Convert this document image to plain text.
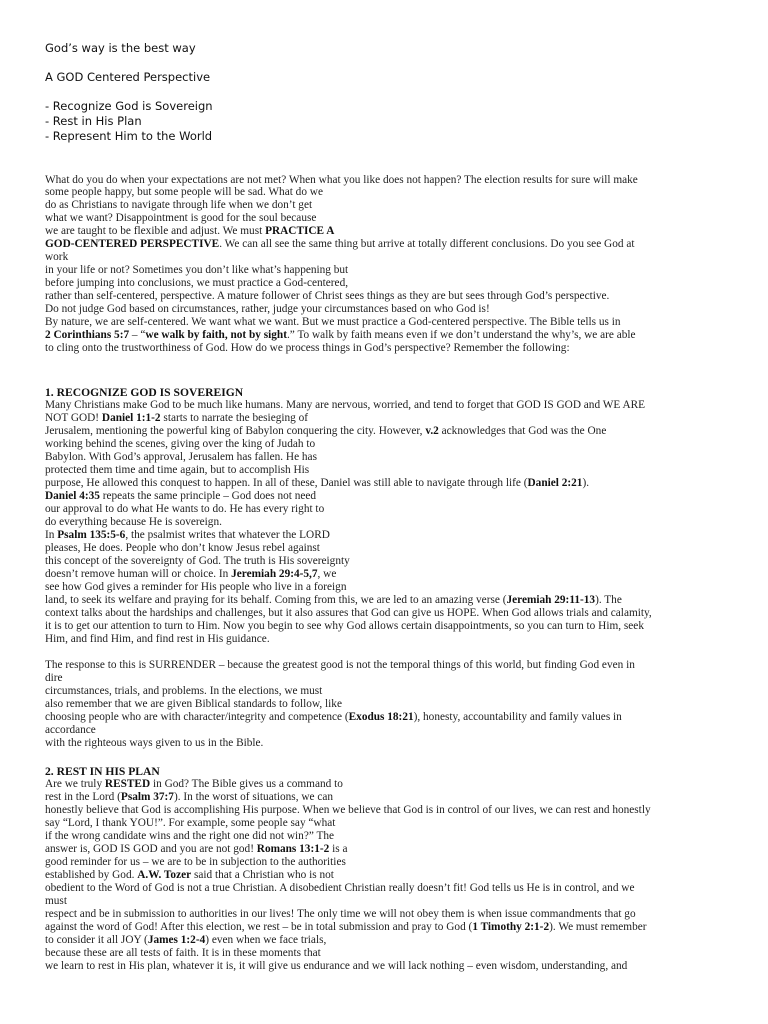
God’s way is the best way

A GOD Centered Perspective

- Recognize God is Sovereign

- Rest in His Plan

- Represent Him to the World

What do you do when your expectations are not met? When what you like does not happen? The election results for sure will make

some people happy, but some people will be sad. What do we

do as Christians to navigate through life when we don’t get

what we want? Disappointment is good for the soul because

we are taught to be flexible and adjust. We must PRACTICE A

GOD-CENTERED PERSPECTIVE. We can all see the same thing but arrive at totally different conclusions. Do you see God at

work

in your life or not? Sometimes you don’t like what’s happening but

before jumping into conclusions, we must practice a God-centered,

rather than self-centered, perspective. A mature follower of Christ sees things as they are but sees through God’s perspective.

Do not judge God based on circumstances, rather, judge your circumstances based on who God is!

By nature, we are self-centered. We want what we want. But we must practice a God-centered perspective. The Bible tells us in

2 Corinthians 5:7 – “we walk by faith, not by sight.” To walk by faith means even if we don’t understand the why’s, we are able

to cling onto the trustworthiness of God. How do we process things in God’s perspective? Remember the following:

1. RECOGNIZE GOD IS SOVEREIGN

Many Christians make God to be much like humans. Many are nervous, worried, and tend to forget that GOD IS GOD and WE ARE

NOT GOD! Daniel 1:1-2 starts to narrate the besieging of

Jerusalem, mentioning the powerful king of Babylon conquering the city. However, v.2 acknowledges that God was the One

working behind the scenes, giving over the king of Judah to

Babylon. With God’s approval, Jerusalem has fallen. He has

protected them time and time again, but to accomplish His

purpose, He allowed this conquest to happen. In all of these, Daniel was still able to navigate through life (Daniel 2:21).

Daniel 4:35 repeats the same principle – God does not need

our approval to do what He wants to do. He has every right to

do everything because He is sovereign.

In Psalm 135:5-6, the psalmist writes that whatever the LORD

pleases, He does. People who don’t know Jesus rebel against

this concept of the sovereignty of God. The truth is His sovereignty

doesn’t remove human will or choice. In Jeremiah 29:4-5,7, we

see how God gives a reminder for His people who live in a foreign

land, to seek its welfare and praying for its behalf. Coming from this, we are led to an amazing verse (Jeremiah 29:11-13). The

context talks about the hardships and challenges, but it also assures that God can give us HOPE. When God allows trials and calamity,

it is to get our attention to turn to Him. Now you begin to see why God allows certain disappointments, so you can turn to Him, seek

Him, and find Him, and find rest in His guidance.

The response to this is SURRENDER – because the greatest good is not the temporal things of this world, but finding God even in

dire

circumstances, trials, and problems. In the elections, we must

also remember that we are given Biblical standards to follow, like

choosing people who are with character/integrity and competence (Exodus 18:21), honesty, accountability and family values in

accordance

with the righteous ways given to us in the Bible.

2. REST IN HIS PLAN

Are we truly RESTED in God? The Bible gives us a command to

rest in the Lord (Psalm 37:7). In the worst of situations, we can

honestly believe that God is accomplishing His purpose. When we believe that God is in control of our lives, we can rest and honestly

say “Lord, I thank YOU!”. For example, some people say “what

if the wrong candidate wins and the right one did not win?” The

answer is, GOD IS GOD and you are not god! Romans 13:1-2 is a

good reminder for us – we are to be in subjection to the authorities

established by God. A.W. Tozer said that a Christian who is not

obedient to the Word of God is not a true Christian. A disobedient Christian really doesn’t fit! God tells us He is in control, and we

must

respect and be in submission to authorities in our lives! The only time we will not obey them is when issue commandments that go

against the word of God! After this election, we rest – be in total submission and pray to God (1 Timothy 2:1-2). We must remember

to consider it all JOY (James 1:2-4) even when we face trials,

because these are all tests of faith. It is in these moments that

we learn to rest in His plan, whatever it is, it will give us endurance and we will lack nothing – even wisdom, understanding, and
